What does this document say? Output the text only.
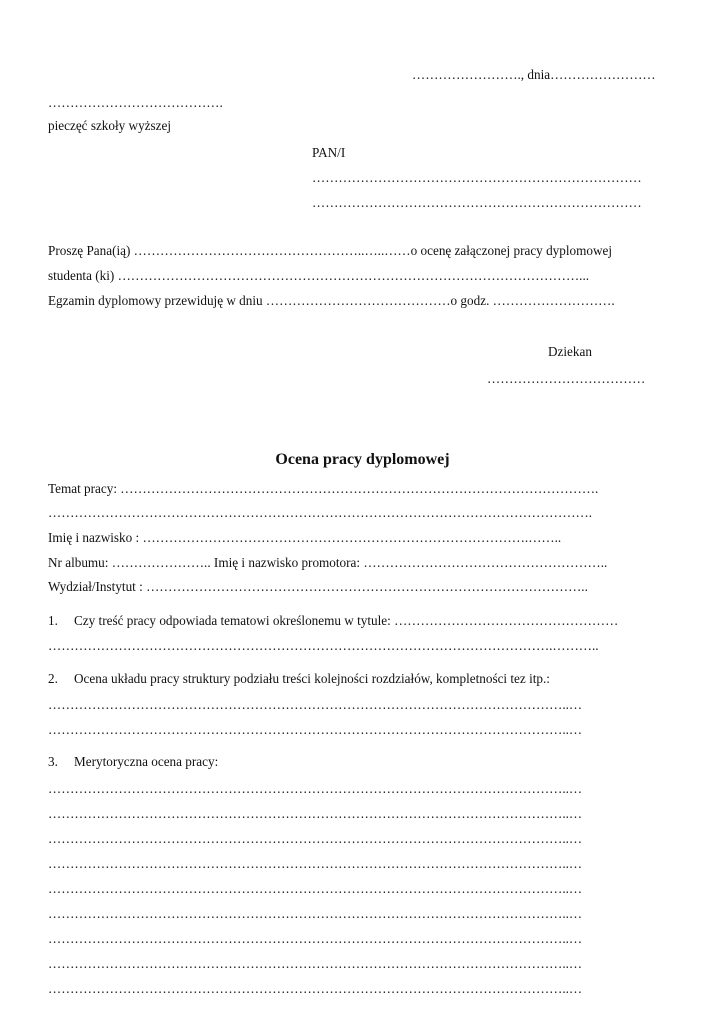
……………………., dnia……………………
………………………………….
pieczęć szkoły wyższej
PAN/I
…………………………………………………………………
…………………………………………………………………
Proszę Pana(ią) ……………………………………………..…..……o ocenę załączonej pracy dyplomowej
studenta (ki) ……………………………………………………………………………………………...
Egzamin dyplomowy przewiduję w dniu ……………………………………o godz. ……………………….
Dziekan
………………………………
Ocena pracy dyplomowej
Temat pracy: ……………………………………………………………………………………………….
…………………………………………………………………………………………………………….
Imię i nazwisko : …………………………………………………………………………….……..
Nr albumu: ………………….. Imię i nazwisko promotora: ………………………………………………..
Wydział/Instytut : ………………………………………………………………………………………..
1. Czy treść pracy odpowiada tematowi określonemu w tytule: ……………………………………………
…………………………………………………………………………………………………….………..
2. Ocena układu pracy struktury podziału treści kolejności rozdziałów, kompletności tez itp.:
………………………………………………………………………………………………………..…
………………………………………………………………………………………………………..…
3. Merytoryczna ocena pracy:
………………………………………………………………………………………………………..…
………………………………………………………………………………………………………..…
………………………………………………………………………………………………………..…
………………………………………………………………………………………………………..…
………………………………………………………………………………………………………..…
………………………………………………………………………………………………………..…
………………………………………………………………………………………………………..…
………………………………………………………………………………………………………..…
………………………………………………………………………………………………………..…
